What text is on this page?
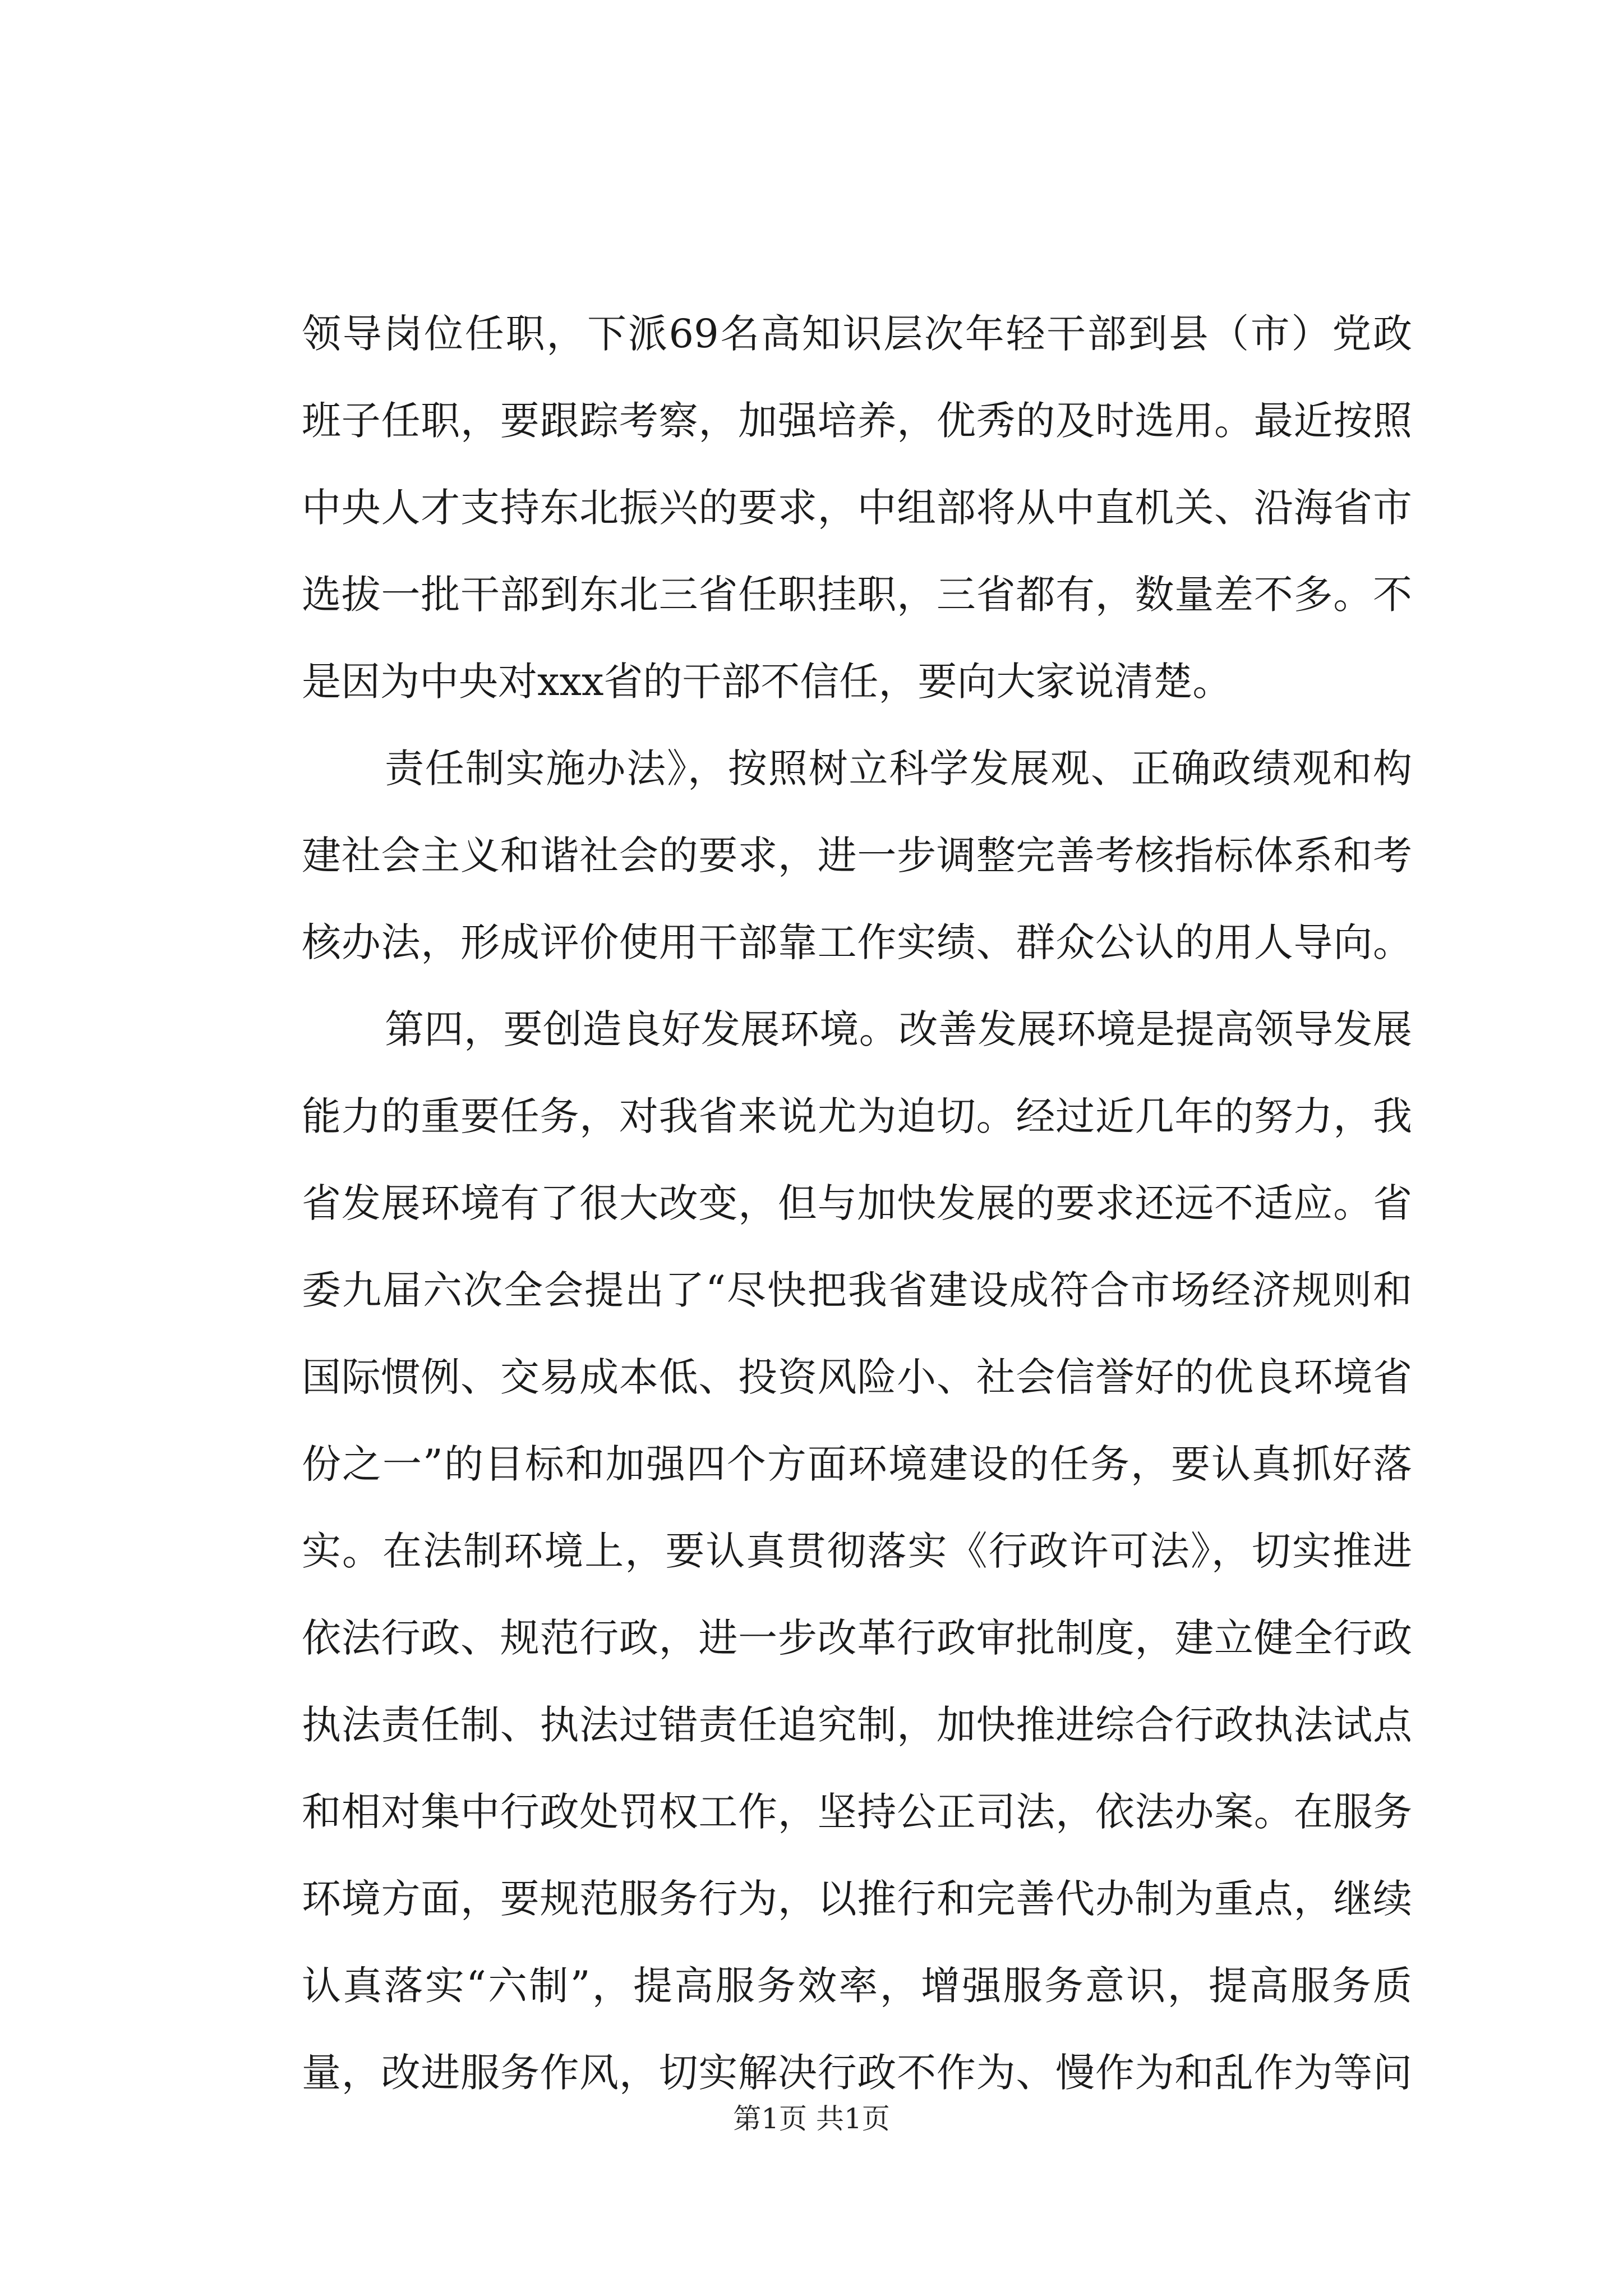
领导岗位任职，下派69名高知识层次年轻干部到县（市）党政
班子任职，要跟踪考察，加强培养，优秀的及时选用。最近按照
中央人才支持东北振兴的要求，中组部将从中直机关、沿海省市
选拔一批干部到东北三省任职挂职，三省都有，数量差不多。不
是因为中央对xxx省的干部不信任，要向大家说清楚。
责任制实施办法》，按照树立科学发展观、正确政绩观和构
建社会主义和谐社会的要求，进一步调整完善考核指标体系和考
核办法，形成评价使用干部靠工作实绩、群众公认的用人导向。
第四，要创造良好发展环境。改善发展环境是提高领导发展
能力的重要任务，对我省来说尤为迫切。经过近几年的努力，我
省发展环境有了很大改变，但与加快发展的要求还远不适应。省
委九届六次全会提出了“尽快把我省建设成符合市场经济规则和
国际惯例、交易成本低、投资风险小、社会信誉好的优良环境省
份之一”的目标和加强四个方面环境建设的任务，要认真抓好落
实。在法制环境上，要认真贯彻落实《行政许可法》，切实推进
依法行政、规范行政，进一步改革行政审批制度，建立健全行政
执法责任制、执法过错责任追究制，加快推进综合行政执法试点
和相对集中行政处罚权工作，坚持公正司法，依法办案。在服务
环境方面，要规范服务行为，以推行和完善代办制为重点，继续
认真落实“六制”，提高服务效率，增强服务意识，提高服务质
量，改进服务作风，切实解决行政不作为、慢作为和乱作为等问
第1页 共1页
